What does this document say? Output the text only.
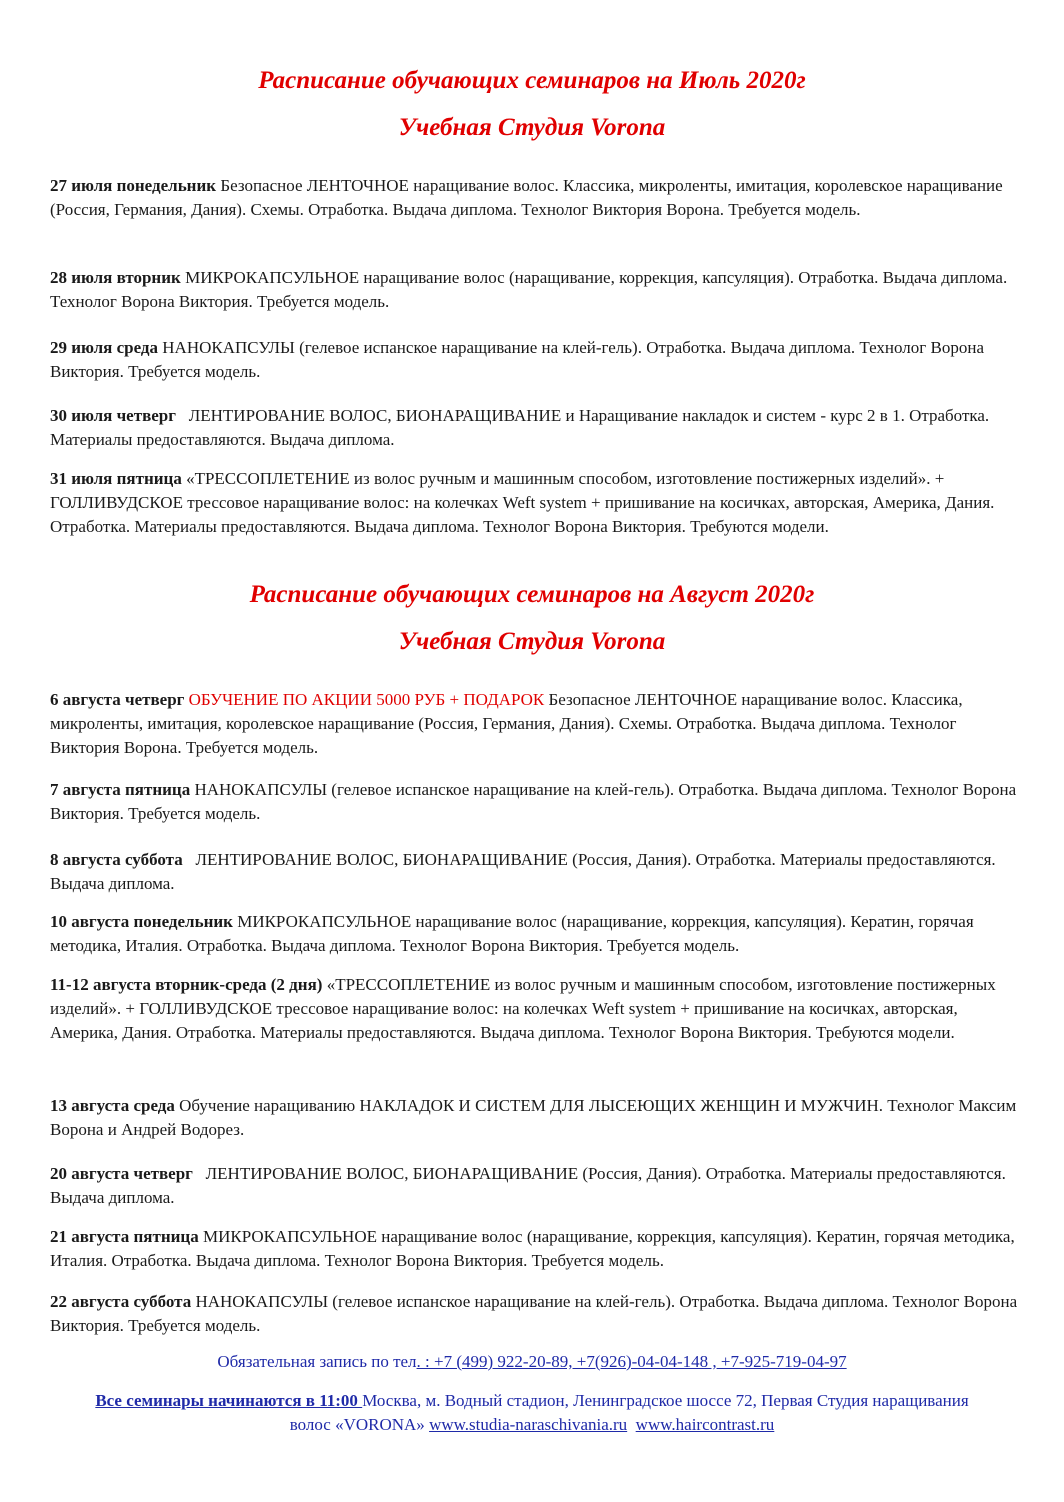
Расписание обучающих семинаров на Июль 2020г
Учебная Студия Vorona

27 июля понедельник Безопасное ЛЕНТОЧНОЕ наращивание волос. Классика, микроленты, имитация, королевское наращивание (Россия, Германия, Дания). Схемы. Отработка. Выдача диплома. Технолог Виктория Ворона. Требуется модель.

28 июля вторник МИКРОКАПСУЛЬНОЕ наращивание волос (наращивание, коррекция, капсуляция). Отработка. Выдача диплома. Технолог Ворона Виктория. Требуется модель.

29 июля среда НАНОКАПСУЛЫ (гелевое испанское наращивание на клей-гель). Отработка. Выдача диплома. Технолог Ворона Виктория. Требуется модель.

30 июля четверг ЛЕНТИРОВАНИЕ ВОЛОС, БИОНАРАЩИВАНИЕ и Наращивание накладок и систем - курс 2 в 1. Отработка. Материалы предоставляются. Выдача диплома.

31 июля пятница «ТРЕССОПЛЕТЕНИЕ из волос ручным и машинным способом, изготовление постижерных изделий». + ГОЛЛИВУДСКОЕ трессовое наращивание волос: на колечках Weft system + пришивание на косичках, авторская, Америка, Дания. Отработка. Материалы предоставляются. Выдача диплома. Технолог Ворона Виктория. Требуются модели.

Расписание обучающих семинаров на Август 2020г
Учебная Студия Vorona

6 августа четверг ОБУЧЕНИЕ ПО АКЦИИ 5000 РУБ + ПОДАРОК Безопасное ЛЕНТОЧНОЕ наращивание волос. Классика, микроленты, имитация, королевское наращивание (Россия, Германия, Дания). Схемы. Отработка. Выдача диплома. Технолог Виктория Ворона. Требуется модель.

7 августа пятница НАНОКАПСУЛЫ (гелевое испанское наращивание на клей-гель). Отработка. Выдача диплома. Технолог Ворона Виктория. Требуется модель.

8 августа суббота ЛЕНТИРОВАНИЕ ВОЛОС, БИОНАРАЩИВАНИЕ (Россия, Дания). Отработка. Материалы предоставляются. Выдача диплома.

10 августа понедельник МИКРОКАПСУЛЬНОЕ наращивание волос (наращивание, коррекция, капсуляция). Кератин, горячая методика, Италия. Отработка. Выдача диплома. Технолог Ворона Виктория. Требуется модель.

11-12 августа вторник-среда (2 дня) «ТРЕССОПЛЕТЕНИЕ из волос ручным и машинным способом, изготовление постижерных изделий». + ГОЛЛИВУДСКОЕ трессовое наращивание волос: на колечках Weft system + пришивание на косичках, авторская, Америка, Дания. Отработка. Материалы предоставляются. Выдача диплома. Технолог Ворона Виктория. Требуются модели.

13 августа среда Обучение наращиванию НАКЛАДОК И СИСТЕМ ДЛЯ ЛЫСЕЮЩИХ ЖЕНЩИН И МУЖЧИН. Технолог Максим Ворона и Андрей Водорез.

20 августа четверг ЛЕНТИРОВАНИЕ ВОЛОС, БИОНАРАЩИВАНИЕ (Россия, Дания). Отработка. Материалы предоставляются. Выдача диплома.

21 августа пятница МИКРОКАПСУЛЬНОЕ наращивание волос (наращивание, коррекция, капсуляция). Кератин, горячая методика, Италия. Отработка. Выдача диплома. Технолог Ворона Виктория. Требуется модель.

22 августа суббота НАНОКАПСУЛЫ (гелевое испанское наращивание на клей-гель). Отработка. Выдача диплома. Технолог Ворона Виктория. Требуется модель.

Обязательная запись по тел. : +7 (499) 922-20-89, +7(926)-04-04-148 , +7-925-719-04-97
Все семинары начинаются в 11:00 Москва, м. Водный стадион, Ленинградское шоссе 72, Первая Студия наращивания волос «VORONA» www.studia-naraschivania.ru www.haircontrast.ru
